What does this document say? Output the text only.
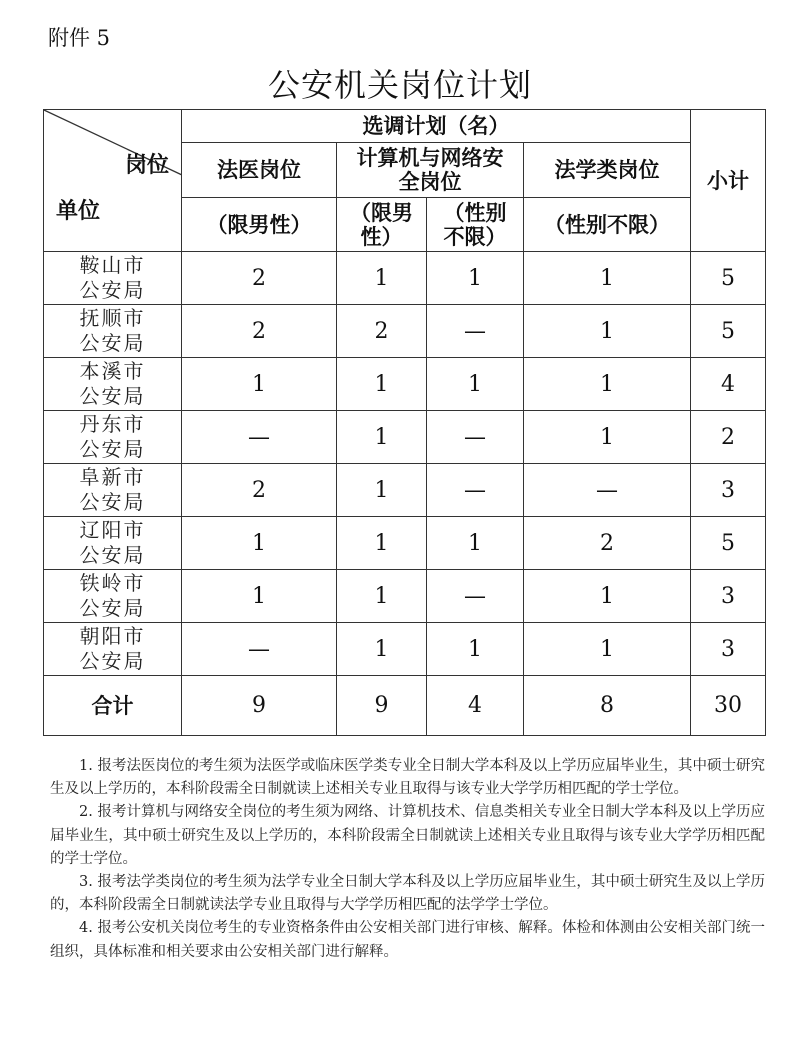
附件 5
公安机关岗位计划
岗位
单位	选调计划（名）				小计
	法医岗位	计算机与网络安全岗位		法学类岗位	
	（限男性）	（限男性）	（性别不限）	（性别不限）	

鞍山市公安局	2	1	1	1	5

抚顺市公安局	2	2	—	1	5

本溪市公安局	1	1	1	1	4

丹东市公安局	—	1	—	1	2

阜新市公安局	2	1	—	—	3

辽阳市公安局	1	1	1	2	5

铁岭市公安局	1	1	—	1	3

朝阳市公安局	—	1	1	1	3
合计	9	9	4	8	30

1. 报考法医岗位的考生须为法医学或临床医学类专业全日制大学本科及以上学历应届毕业生，其中硕士研究生及以上学历的，本科阶段需全日制就读上述相关专业且取得与该专业大学学历相匹配的学士学位。

2. 报考计算机与网络安全岗位的考生须为网络、计算机技术、信息类相关专业全日制大学本科及以上学历应届毕业生，其中硕士研究生及以上学历的，本科阶段需全日制就读上述相关专业且取得与该专业大学学历相匹配的学士学位。

3. 报考法学类岗位的考生须为法学专业全日制大学本科及以上学历应届毕业生，其中硕士研究生及以上学历的，本科阶段需全日制就读法学专业且取得与大学学历相匹配的法学学士学位。

4. 报考公安机关岗位考生的专业资格条件由公安相关部门进行审核、解释。体检和体测由公安相关部门统一组织，具体标准和相关要求由公安相关部门进行解释。
